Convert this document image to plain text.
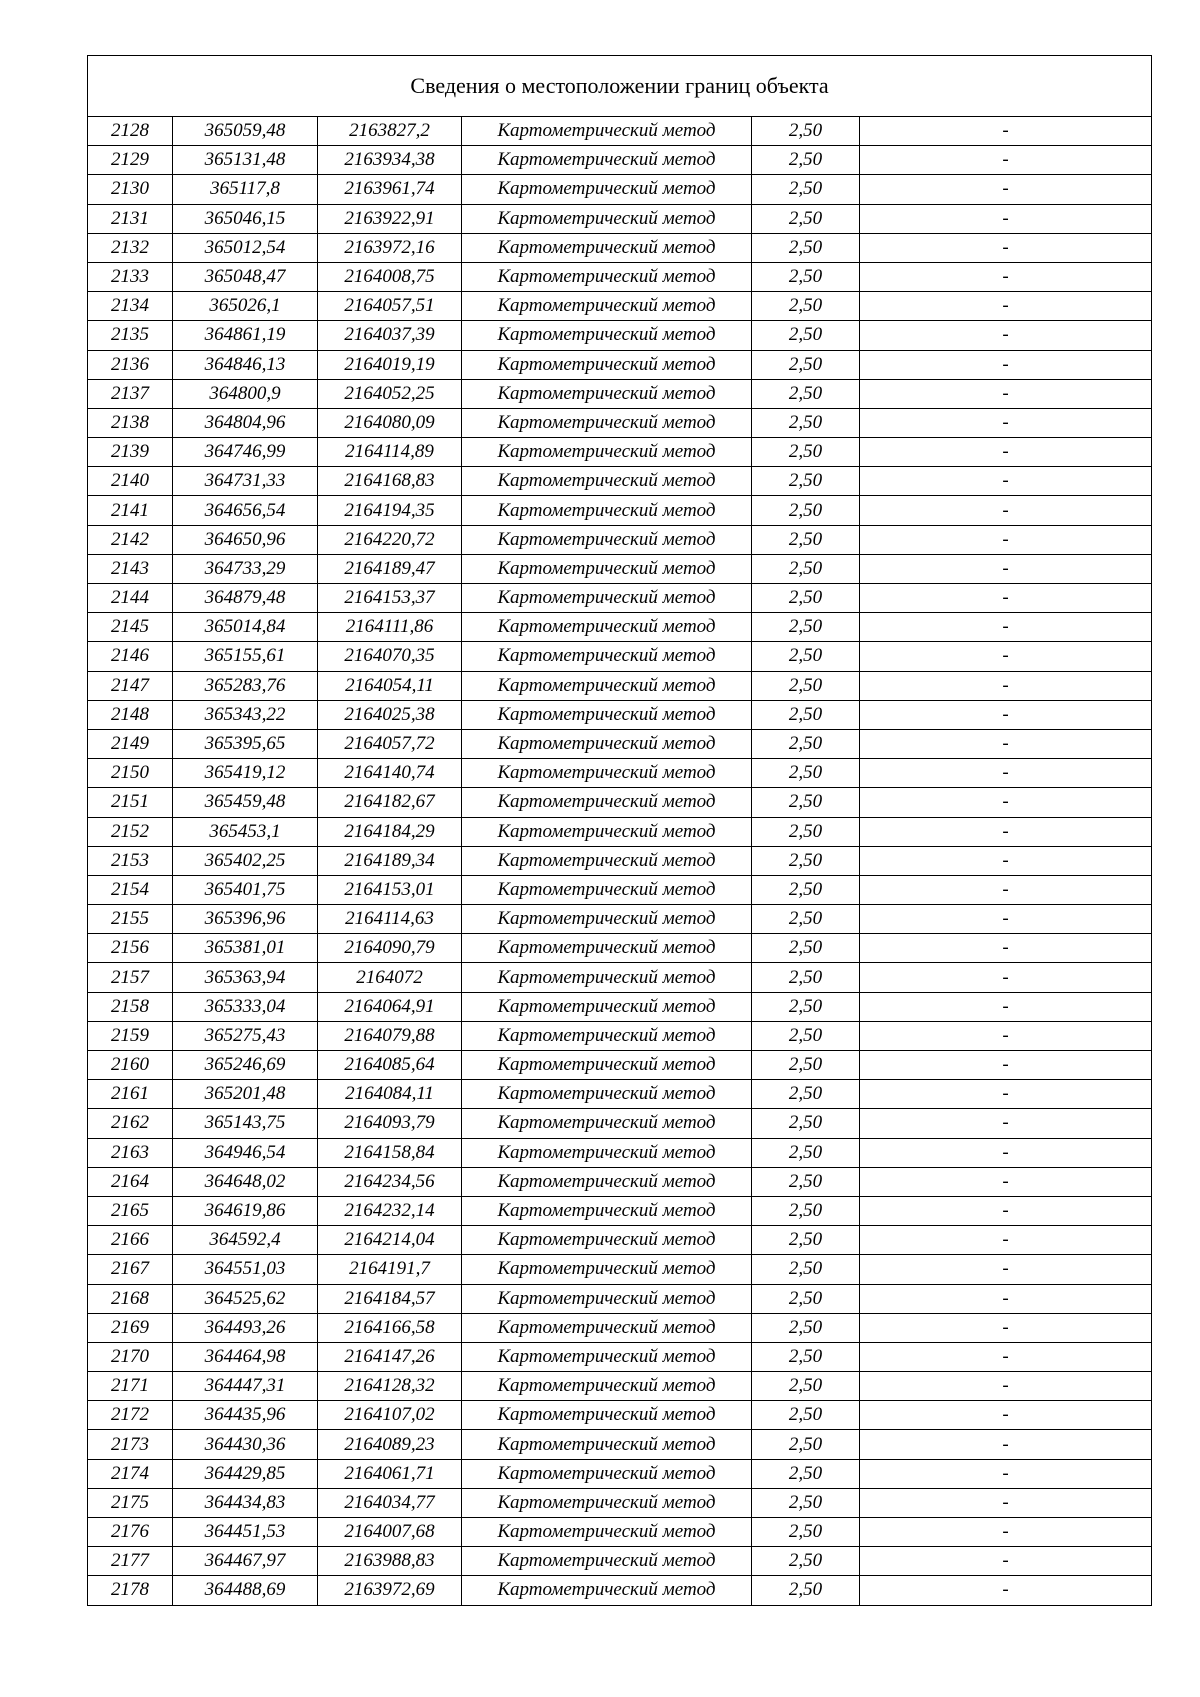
Сведения о местоположении границ объекта					
2128	365059,48	2163827,2	Картометрический метод	2,50	-
2129	365131,48	2163934,38	Картометрический метод	2,50	-
2130	365117,8	2163961,74	Картометрический метод	2,50	-
2131	365046,15	2163922,91	Картометрический метод	2,50	-
2132	365012,54	2163972,16	Картометрический метод	2,50	-
2133	365048,47	2164008,75	Картометрический метод	2,50	-
2134	365026,1	2164057,51	Картометрический метод	2,50	-
2135	364861,19	2164037,39	Картометрический метод	2,50	-
2136	364846,13	2164019,19	Картометрический метод	2,50	-
2137	364800,9	2164052,25	Картометрический метод	2,50	-
2138	364804,96	2164080,09	Картометрический метод	2,50	-
2139	364746,99	2164114,89	Картометрический метод	2,50	-
2140	364731,33	2164168,83	Картометрический метод	2,50	-
2141	364656,54	2164194,35	Картометрический метод	2,50	-
2142	364650,96	2164220,72	Картометрический метод	2,50	-
2143	364733,29	2164189,47	Картометрический метод	2,50	-
2144	364879,48	2164153,37	Картометрический метод	2,50	-
2145	365014,84	2164111,86	Картометрический метод	2,50	-
2146	365155,61	2164070,35	Картометрический метод	2,50	-
2147	365283,76	2164054,11	Картометрический метод	2,50	-
2148	365343,22	2164025,38	Картометрический метод	2,50	-
2149	365395,65	2164057,72	Картометрический метод	2,50	-
2150	365419,12	2164140,74	Картометрический метод	2,50	-
2151	365459,48	2164182,67	Картометрический метод	2,50	-
2152	365453,1	2164184,29	Картометрический метод	2,50	-
2153	365402,25	2164189,34	Картометрический метод	2,50	-
2154	365401,75	2164153,01	Картометрический метод	2,50	-
2155	365396,96	2164114,63	Картометрический метод	2,50	-
2156	365381,01	2164090,79	Картометрический метод	2,50	-
2157	365363,94	2164072	Картометрический метод	2,50	-
2158	365333,04	2164064,91	Картометрический метод	2,50	-
2159	365275,43	2164079,88	Картометрический метод	2,50	-
2160	365246,69	2164085,64	Картометрический метод	2,50	-
2161	365201,48	2164084,11	Картометрический метод	2,50	-
2162	365143,75	2164093,79	Картометрический метод	2,50	-
2163	364946,54	2164158,84	Картометрический метод	2,50	-
2164	364648,02	2164234,56	Картометрический метод	2,50	-
2165	364619,86	2164232,14	Картометрический метод	2,50	-
2166	364592,4	2164214,04	Картометрический метод	2,50	-
2167	364551,03	2164191,7	Картометрический метод	2,50	-
2168	364525,62	2164184,57	Картометрический метод	2,50	-
2169	364493,26	2164166,58	Картометрический метод	2,50	-
2170	364464,98	2164147,26	Картометрический метод	2,50	-
2171	364447,31	2164128,32	Картометрический метод	2,50	-
2172	364435,96	2164107,02	Картометрический метод	2,50	-
2173	364430,36	2164089,23	Картометрический метод	2,50	-
2174	364429,85	2164061,71	Картометрический метод	2,50	-
2175	364434,83	2164034,77	Картометрический метод	2,50	-
2176	364451,53	2164007,68	Картометрический метод	2,50	-
2177	364467,97	2163988,83	Картометрический метод	2,50	-
2178	364488,69	2163972,69	Картометрический метод	2,50	-
